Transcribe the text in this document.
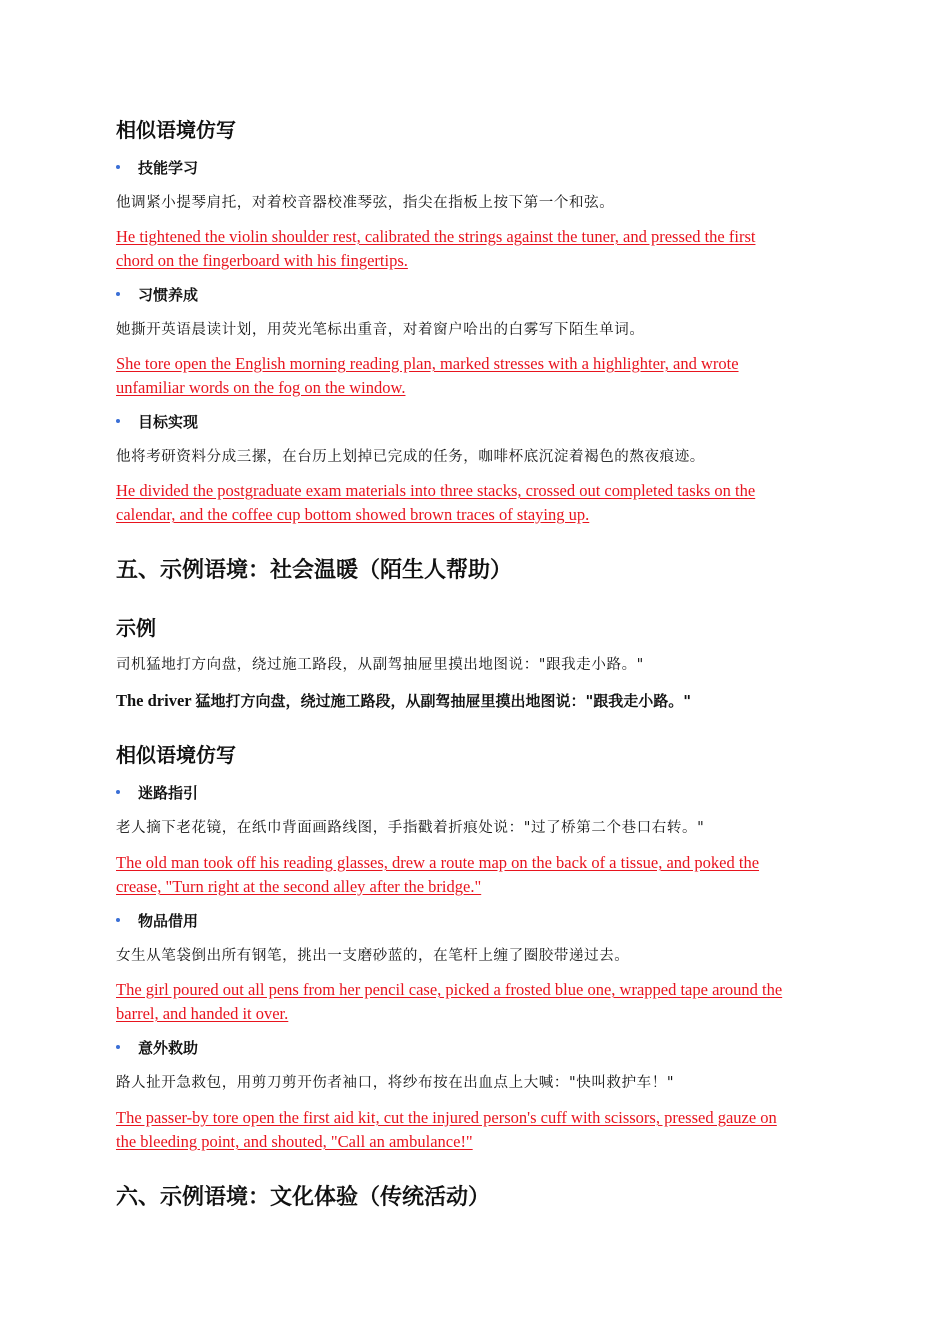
相似语境仿写
技能学习
他调紧小提琴肩托，对着校音器校准琴弦，指尖在指板上按下第一个和弦。
He tightened the violin shoulder rest, calibrated the strings against the tuner, and pressed the first
chord on the fingerboard with his fingertips.
习惯养成
她撕开英语晨读计划，用荧光笔标出重音，对着窗户哈出的白雾写下陌生单词。
She tore open the English morning reading plan, marked stresses with a highlighter, and wrote
unfamiliar words on the fog on the window.
目标实现
他将考研资料分成三摞，在台历上划掉已完成的任务，咖啡杯底沉淀着褐色的熬夜痕迹。
He divided the postgraduate exam materials into three stacks, crossed out completed tasks on the
calendar, and the coffee cup bottom showed brown traces of staying up.
五、示例语境：社会温暖（陌生人帮助）
示例
司机猛地打方向盘，绕过施工路段，从副驾抽屉里摸出地图说："跟我走小路。"
The driver 猛地打方向盘，绕过施工路段，从副驾抽屉里摸出地图说："跟我走小路。"
相似语境仿写
迷路指引
老人摘下老花镜，在纸巾背面画路线图，手指戳着折痕处说："过了桥第二个巷口右转。"
The old man took off his reading glasses, drew a route map on the back of a tissue, and poked the
crease, "Turn right at the second alley after the bridge."
物品借用
女生从笔袋倒出所有钢笔，挑出一支磨砂蓝的，在笔杆上缠了圈胶带递过去。
The girl poured out all pens from her pencil case, picked a frosted blue one, wrapped tape around the
barrel, and handed it over.
意外救助
路人扯开急救包，用剪刀剪开伤者袖口，将纱布按在出血点上大喊："快叫救护车！"
The passer-by tore open the first aid kit, cut the injured person's cuff with scissors, pressed gauze on
the bleeding point, and shouted, "Call an ambulance!"
六、示例语境：文化体验（传统活动）
